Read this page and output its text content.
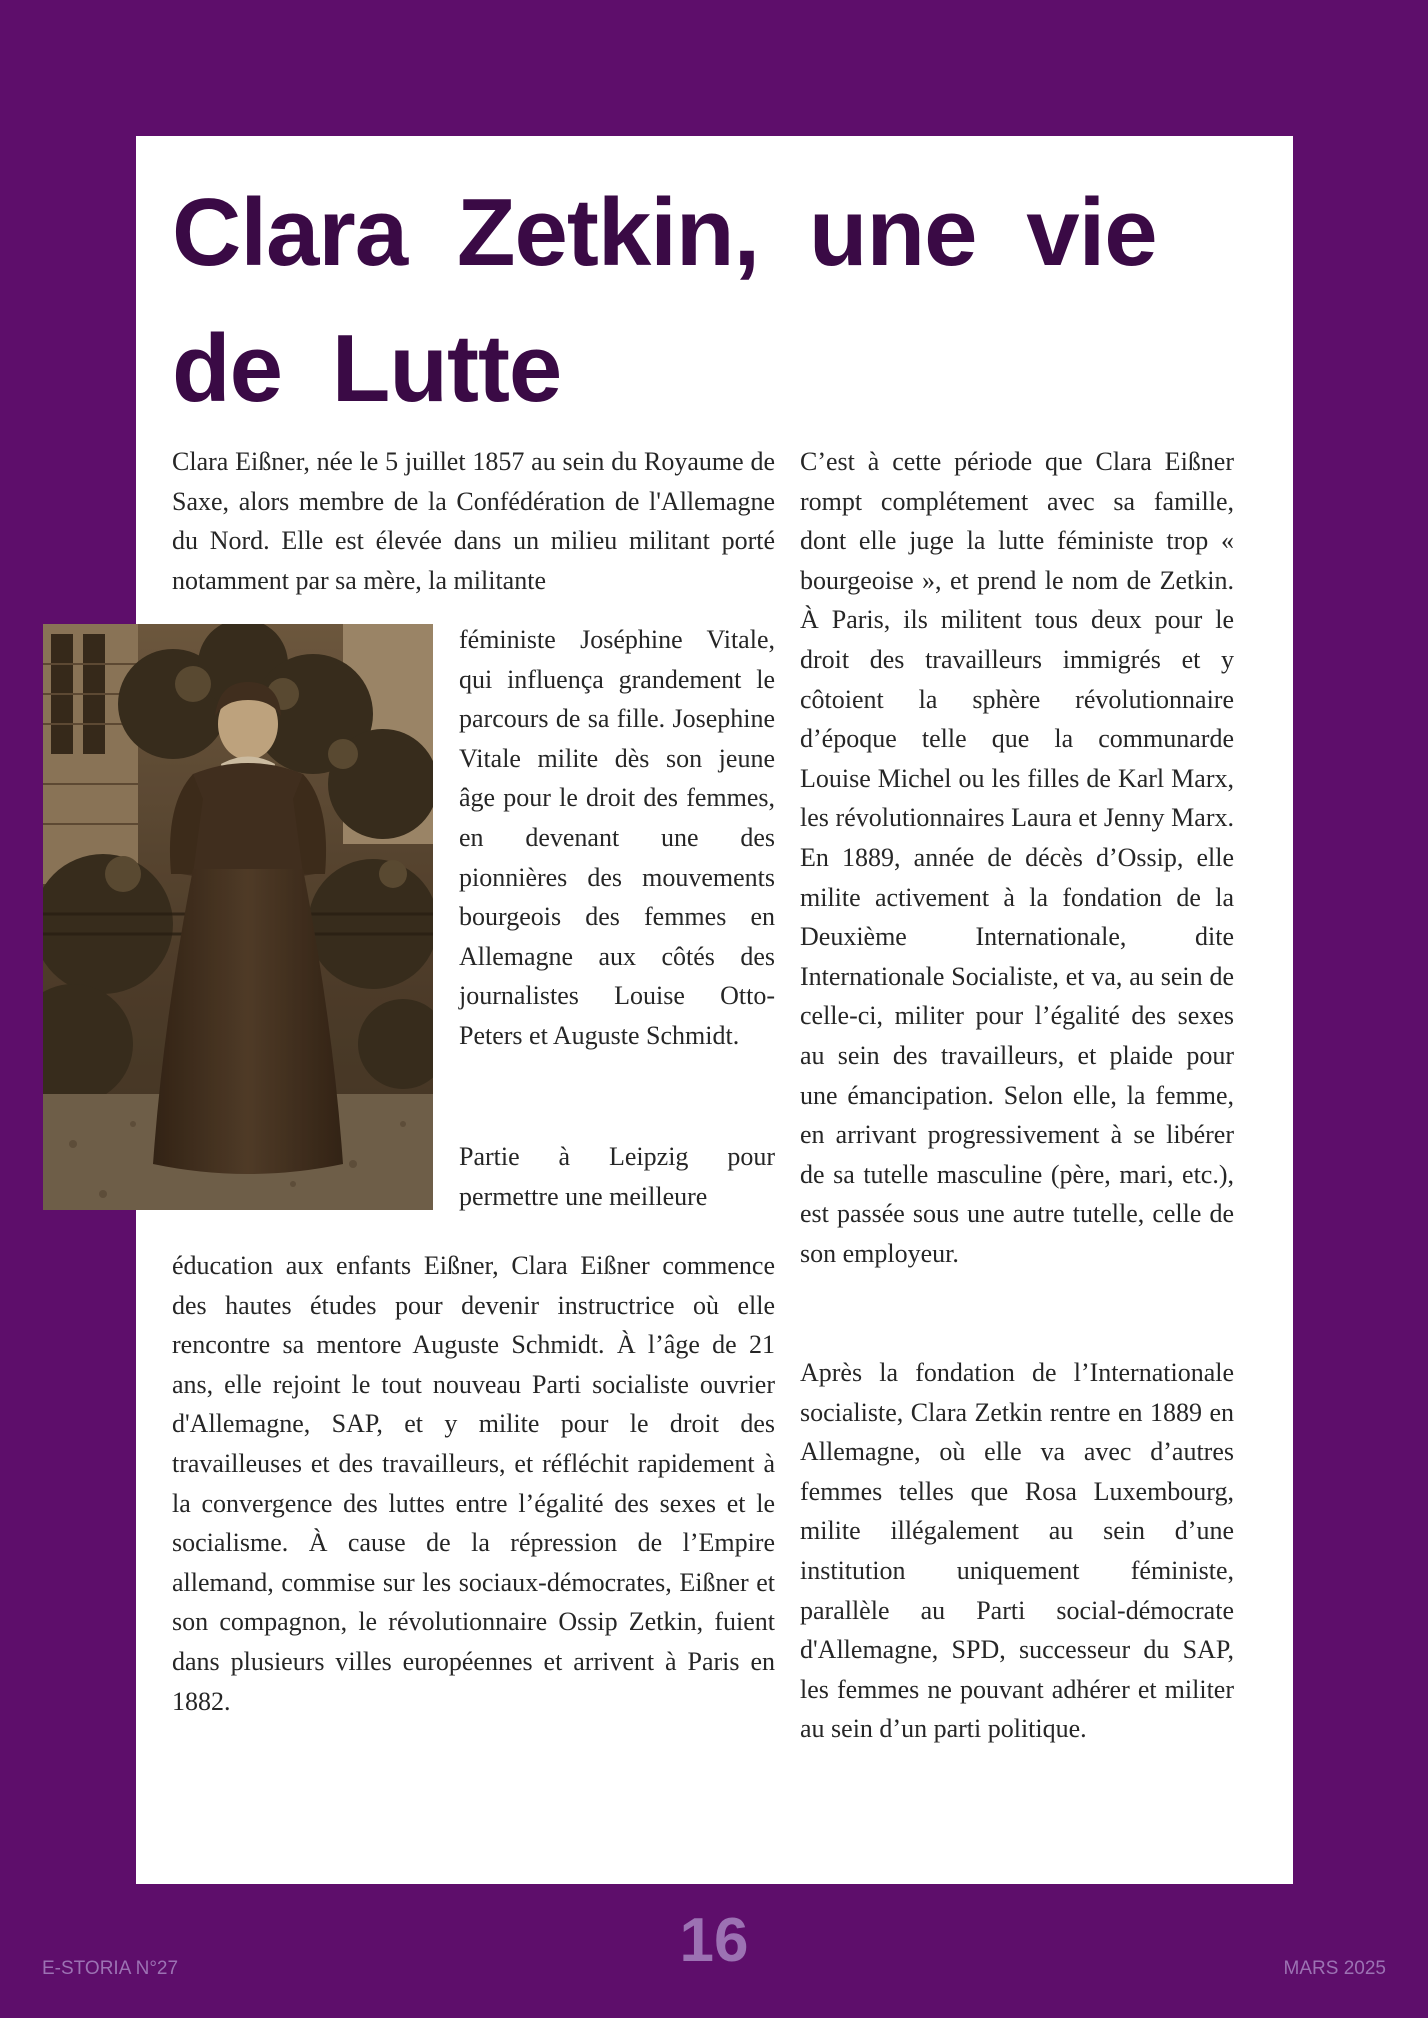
Clara Zetkin, une vie de Lutte

Clara Eißner, née le 5 juillet 1857 au sein du Royaume de Saxe, alors membre de la Confédération de l'Allemagne du Nord. Elle est élevée dans un milieu militant porté notamment par sa mère, la militante

féministe Joséphine Vitale, qui influença grandement le parcours de sa fille. Josephine Vitale milite dès son jeune âge pour le droit des femmes, en devenant une des pionnières des mouvements bourgeois des femmes en Allemagne aux côtés des journalistes Louise Otto-Peters et Auguste Schmidt.

Partie à Leipzig pour permettre une meilleure

éducation aux enfants Eißner, Clara Eißner commence des hautes études pour devenir instructrice où elle rencontre sa mentore Auguste Schmidt. À l’âge de 21 ans, elle rejoint le tout nouveau Parti socialiste ouvrier d'Allemagne, SAP, et y milite pour le droit des travailleuses et des travailleurs, et réfléchit rapidement à la convergence des luttes entre l’égalité des sexes et le socialisme. À cause de la répression de l’Empire allemand, commise sur les sociaux-démocrates, Eißner et son compagnon, le révolutionnaire Ossip Zetkin, fuient dans plusieurs villes européennes et arrivent à Paris en 1882.

C’est à cette période que Clara Eißner rompt complétement avec sa famille, dont elle juge la lutte féministe trop « bourgeoise », et prend le nom de Zetkin. À Paris, ils militent tous deux pour le droit des travailleurs immigrés et y côtoient la sphère révolutionnaire d’époque telle que la communarde Louise Michel ou les filles de Karl Marx, les révolutionnaires Laura et Jenny Marx. En 1889, année de décès d’Ossip, elle milite activement à la fondation de la Deuxième Internationale, dite Internationale Socialiste, et va, au sein de celle-ci, militer pour l’égalité des sexes au sein des travailleurs, et plaide pour une émancipation. Selon elle, la femme, en arrivant progressivement à se libérer de sa tutelle masculine (père, mari, etc.), est passée sous une autre tutelle, celle de son employeur.

Après la fondation de l’Internationale socialiste, Clara Zetkin rentre en 1889 en Allemagne, où elle va avec d’autres femmes telles que Rosa Luxembourg, milite illégalement au sein d’une institution uniquement féministe, parallèle au Parti social-démocrate d'Allemagne, SPD, successeur du SAP, les femmes ne pouvant adhérer et militer au sein d’un parti politique.

16
E-STORIA N°27	MARS 2025
